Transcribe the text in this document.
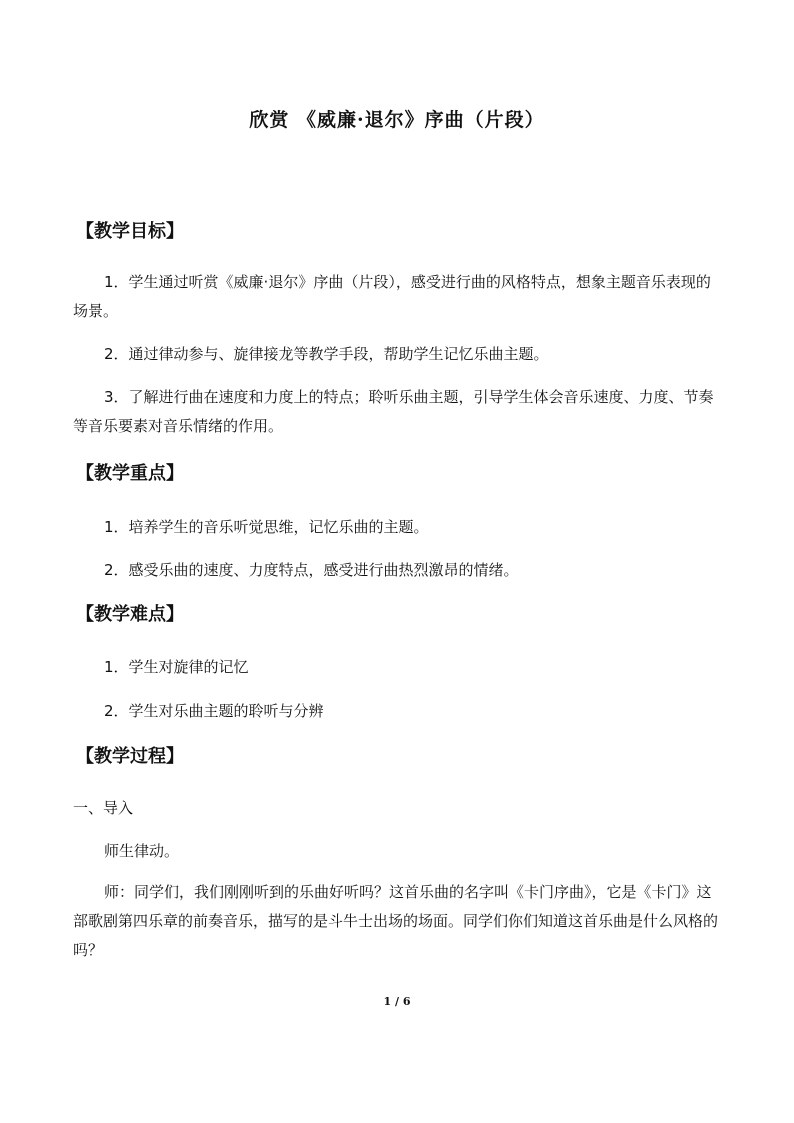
欣赏 《威廉·退尔》序曲（片段）
【教学目标】
1．学生通过听赏《威廉·退尔》序曲（片段），感受进行曲的风格特点，想象主题音乐表现的场景。
2．通过律动参与、旋律接龙等教学手段，帮助学生记忆乐曲主题。
3．了解进行曲在速度和力度上的特点；聆听乐曲主题，引导学生体会音乐速度、力度、节奏等音乐要素对音乐情绪的作用。
【教学重点】
1．培养学生的音乐听觉思维，记忆乐曲的主题。
2．感受乐曲的速度、力度特点，感受进行曲热烈激昂的情绪。
【教学难点】
1．学生对旋律的记忆
2．学生对乐曲主题的聆听与分辨
【教学过程】
一、导入
师生律动。
师：同学们，我们刚刚听到的乐曲好听吗？这首乐曲的名字叫《卡门序曲》，它是《卡门》这部歌剧第四乐章的前奏音乐，描写的是斗牛士出场的场面。同学们你们知道这首乐曲是什么风格的吗？
1 / 6
